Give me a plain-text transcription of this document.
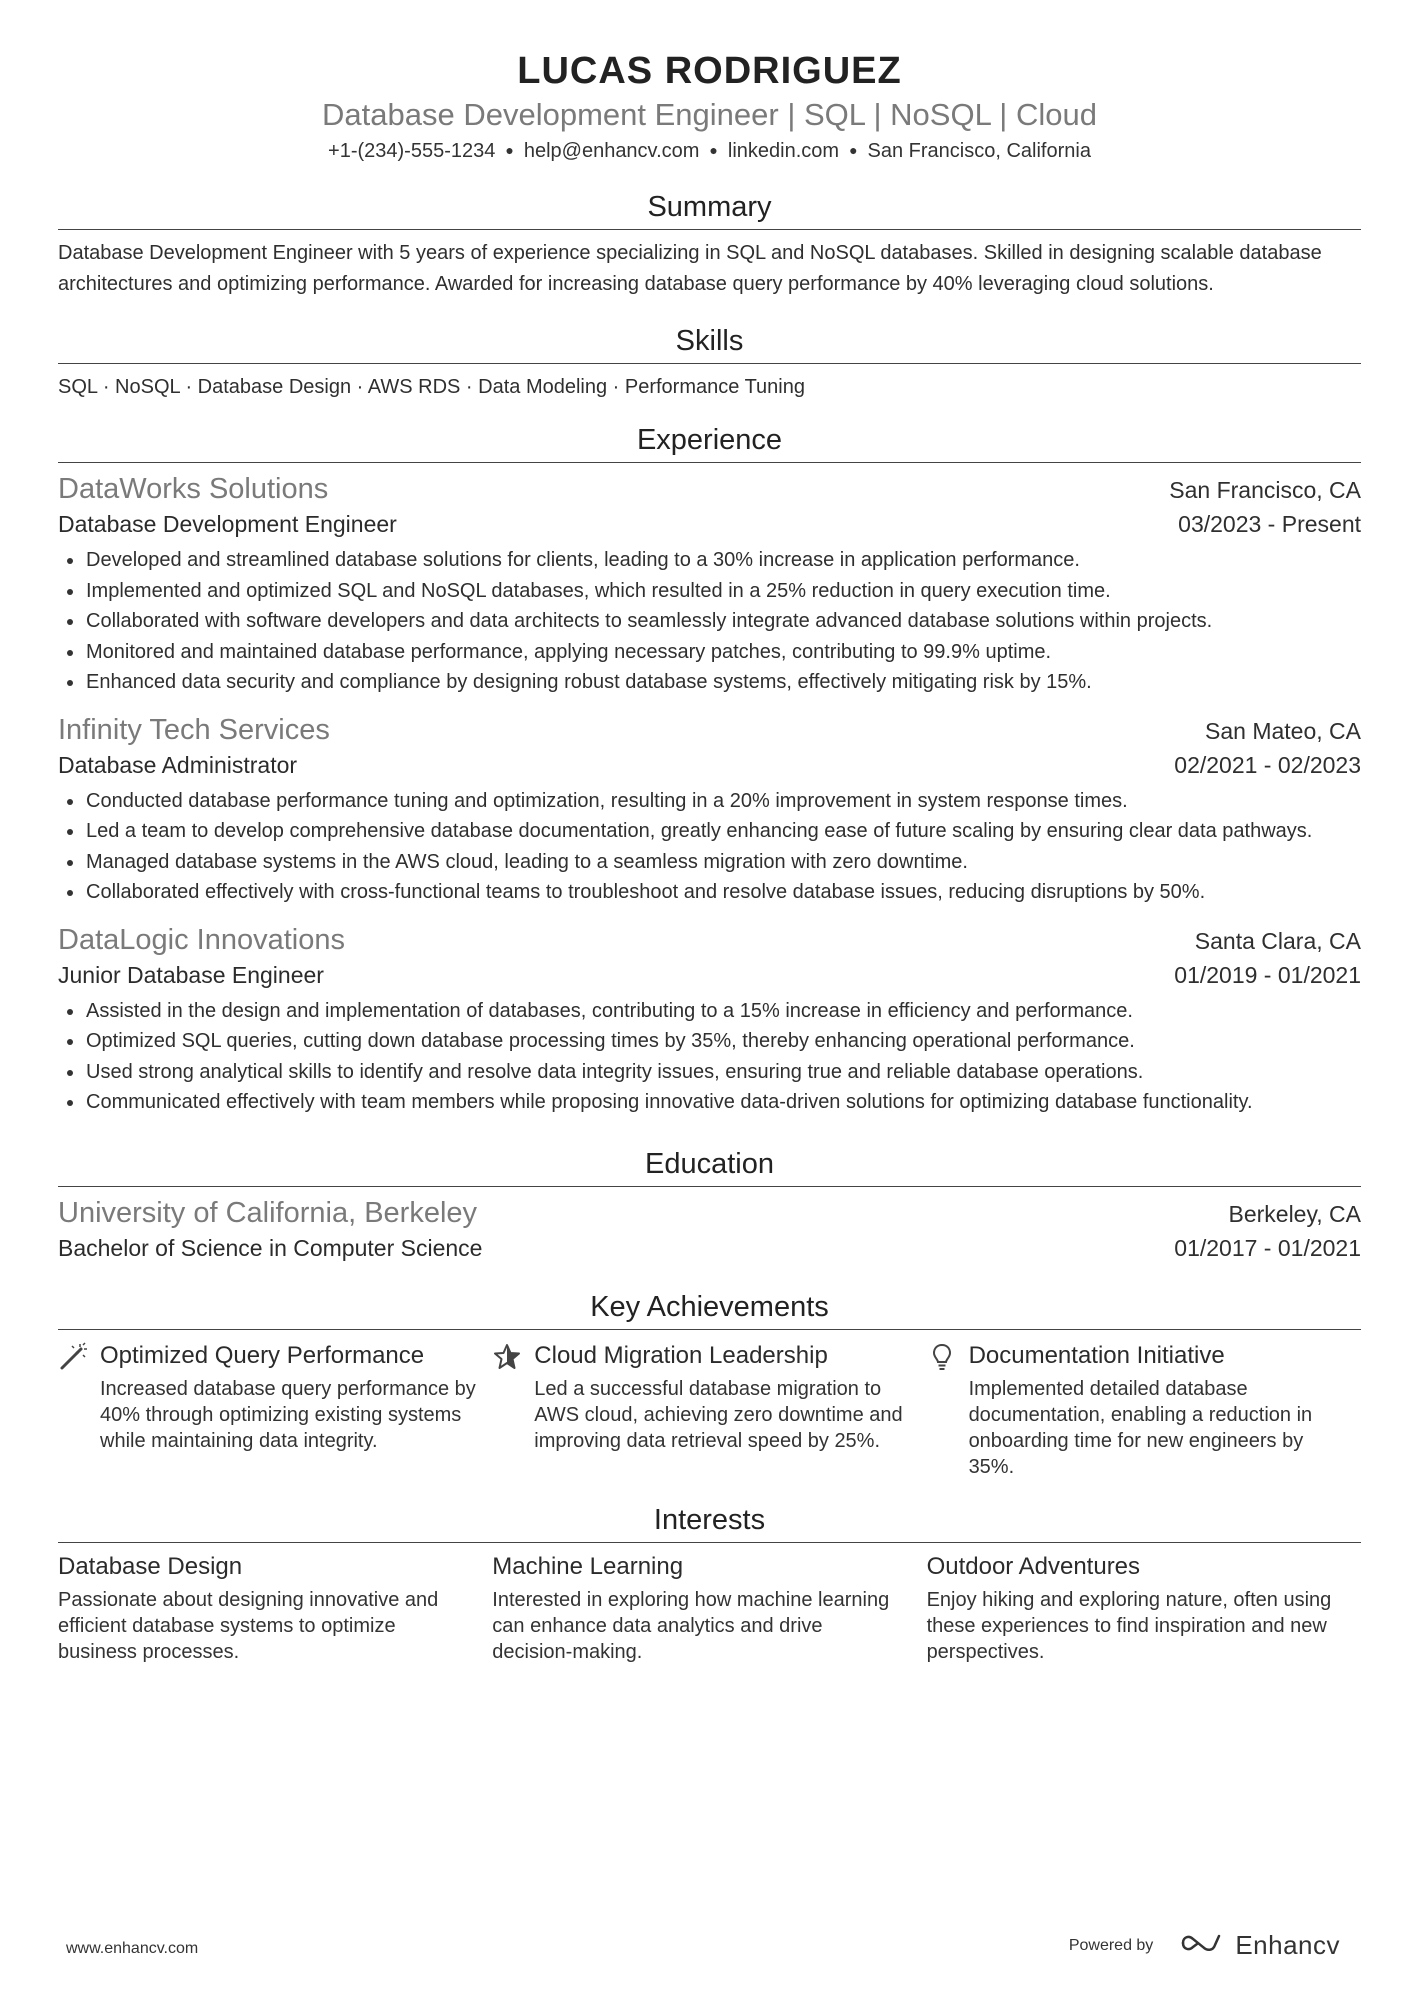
LUCAS RODRIGUEZ
Database Development Engineer | SQL | NoSQL | Cloud
+1-(234)-555-1234 ● help@enhancv.com ● linkedin.com ● San Francisco, California
Summary
Database Development Engineer with 5 years of experience specializing in SQL and NoSQL databases. Skilled in designing scalable database architectures and optimizing performance. Awarded for increasing database query performance by 40% leveraging cloud solutions.
Skills
SQL · NoSQL · Database Design · AWS RDS · Data Modeling · Performance Tuning
Experience
DataWorks Solutions	San Francisco, CA
Database Development Engineer	03/2023 - Present
Developed and streamlined database solutions for clients, leading to a 30% increase in application performance.
Implemented and optimized SQL and NoSQL databases, which resulted in a 25% reduction in query execution time.
Collaborated with software developers and data architects to seamlessly integrate advanced database solutions within projects.
Monitored and maintained database performance, applying necessary patches, contributing to 99.9% uptime.
Enhanced data security and compliance by designing robust database systems, effectively mitigating risk by 15%.
Infinity Tech Services	San Mateo, CA
Database Administrator	02/2021 - 02/2023
Conducted database performance tuning and optimization, resulting in a 20% improvement in system response times.
Led a team to develop comprehensive database documentation, greatly enhancing ease of future scaling by ensuring clear data pathways.
Managed database systems in the AWS cloud, leading to a seamless migration with zero downtime.
Collaborated effectively with cross-functional teams to troubleshoot and resolve database issues, reducing disruptions by 50%.
DataLogic Innovations	Santa Clara, CA
Junior Database Engineer	01/2019 - 01/2021
Assisted in the design and implementation of databases, contributing to a 15% increase in efficiency and performance.
Optimized SQL queries, cutting down database processing times by 35%, thereby enhancing operational performance.
Used strong analytical skills to identify and resolve data integrity issues, ensuring true and reliable database operations.
Communicated effectively with team members while proposing innovative data-driven solutions for optimizing database functionality.
Education
University of California, Berkeley	Berkeley, CA
Bachelor of Science in Computer Science	01/2017 - 01/2021
Key Achievements
Optimized Query Performance
Increased database query performance by 40% through optimizing existing systems while maintaining data integrity.
Cloud Migration Leadership
Led a successful database migration to AWS cloud, achieving zero downtime and improving data retrieval speed by 25%.
Documentation Initiative
Implemented detailed database documentation, enabling a reduction in onboarding time for new engineers by 35%.
Interests
Database Design
Passionate about designing innovative and efficient database systems to optimize business processes.
Machine Learning
Interested in exploring how machine learning can enhance data analytics and drive decision-making.
Outdoor Adventures
Enjoy hiking and exploring nature, often using these experiences to find inspiration and new perspectives.
www.enhancv.com	Powered by	Enhancv
